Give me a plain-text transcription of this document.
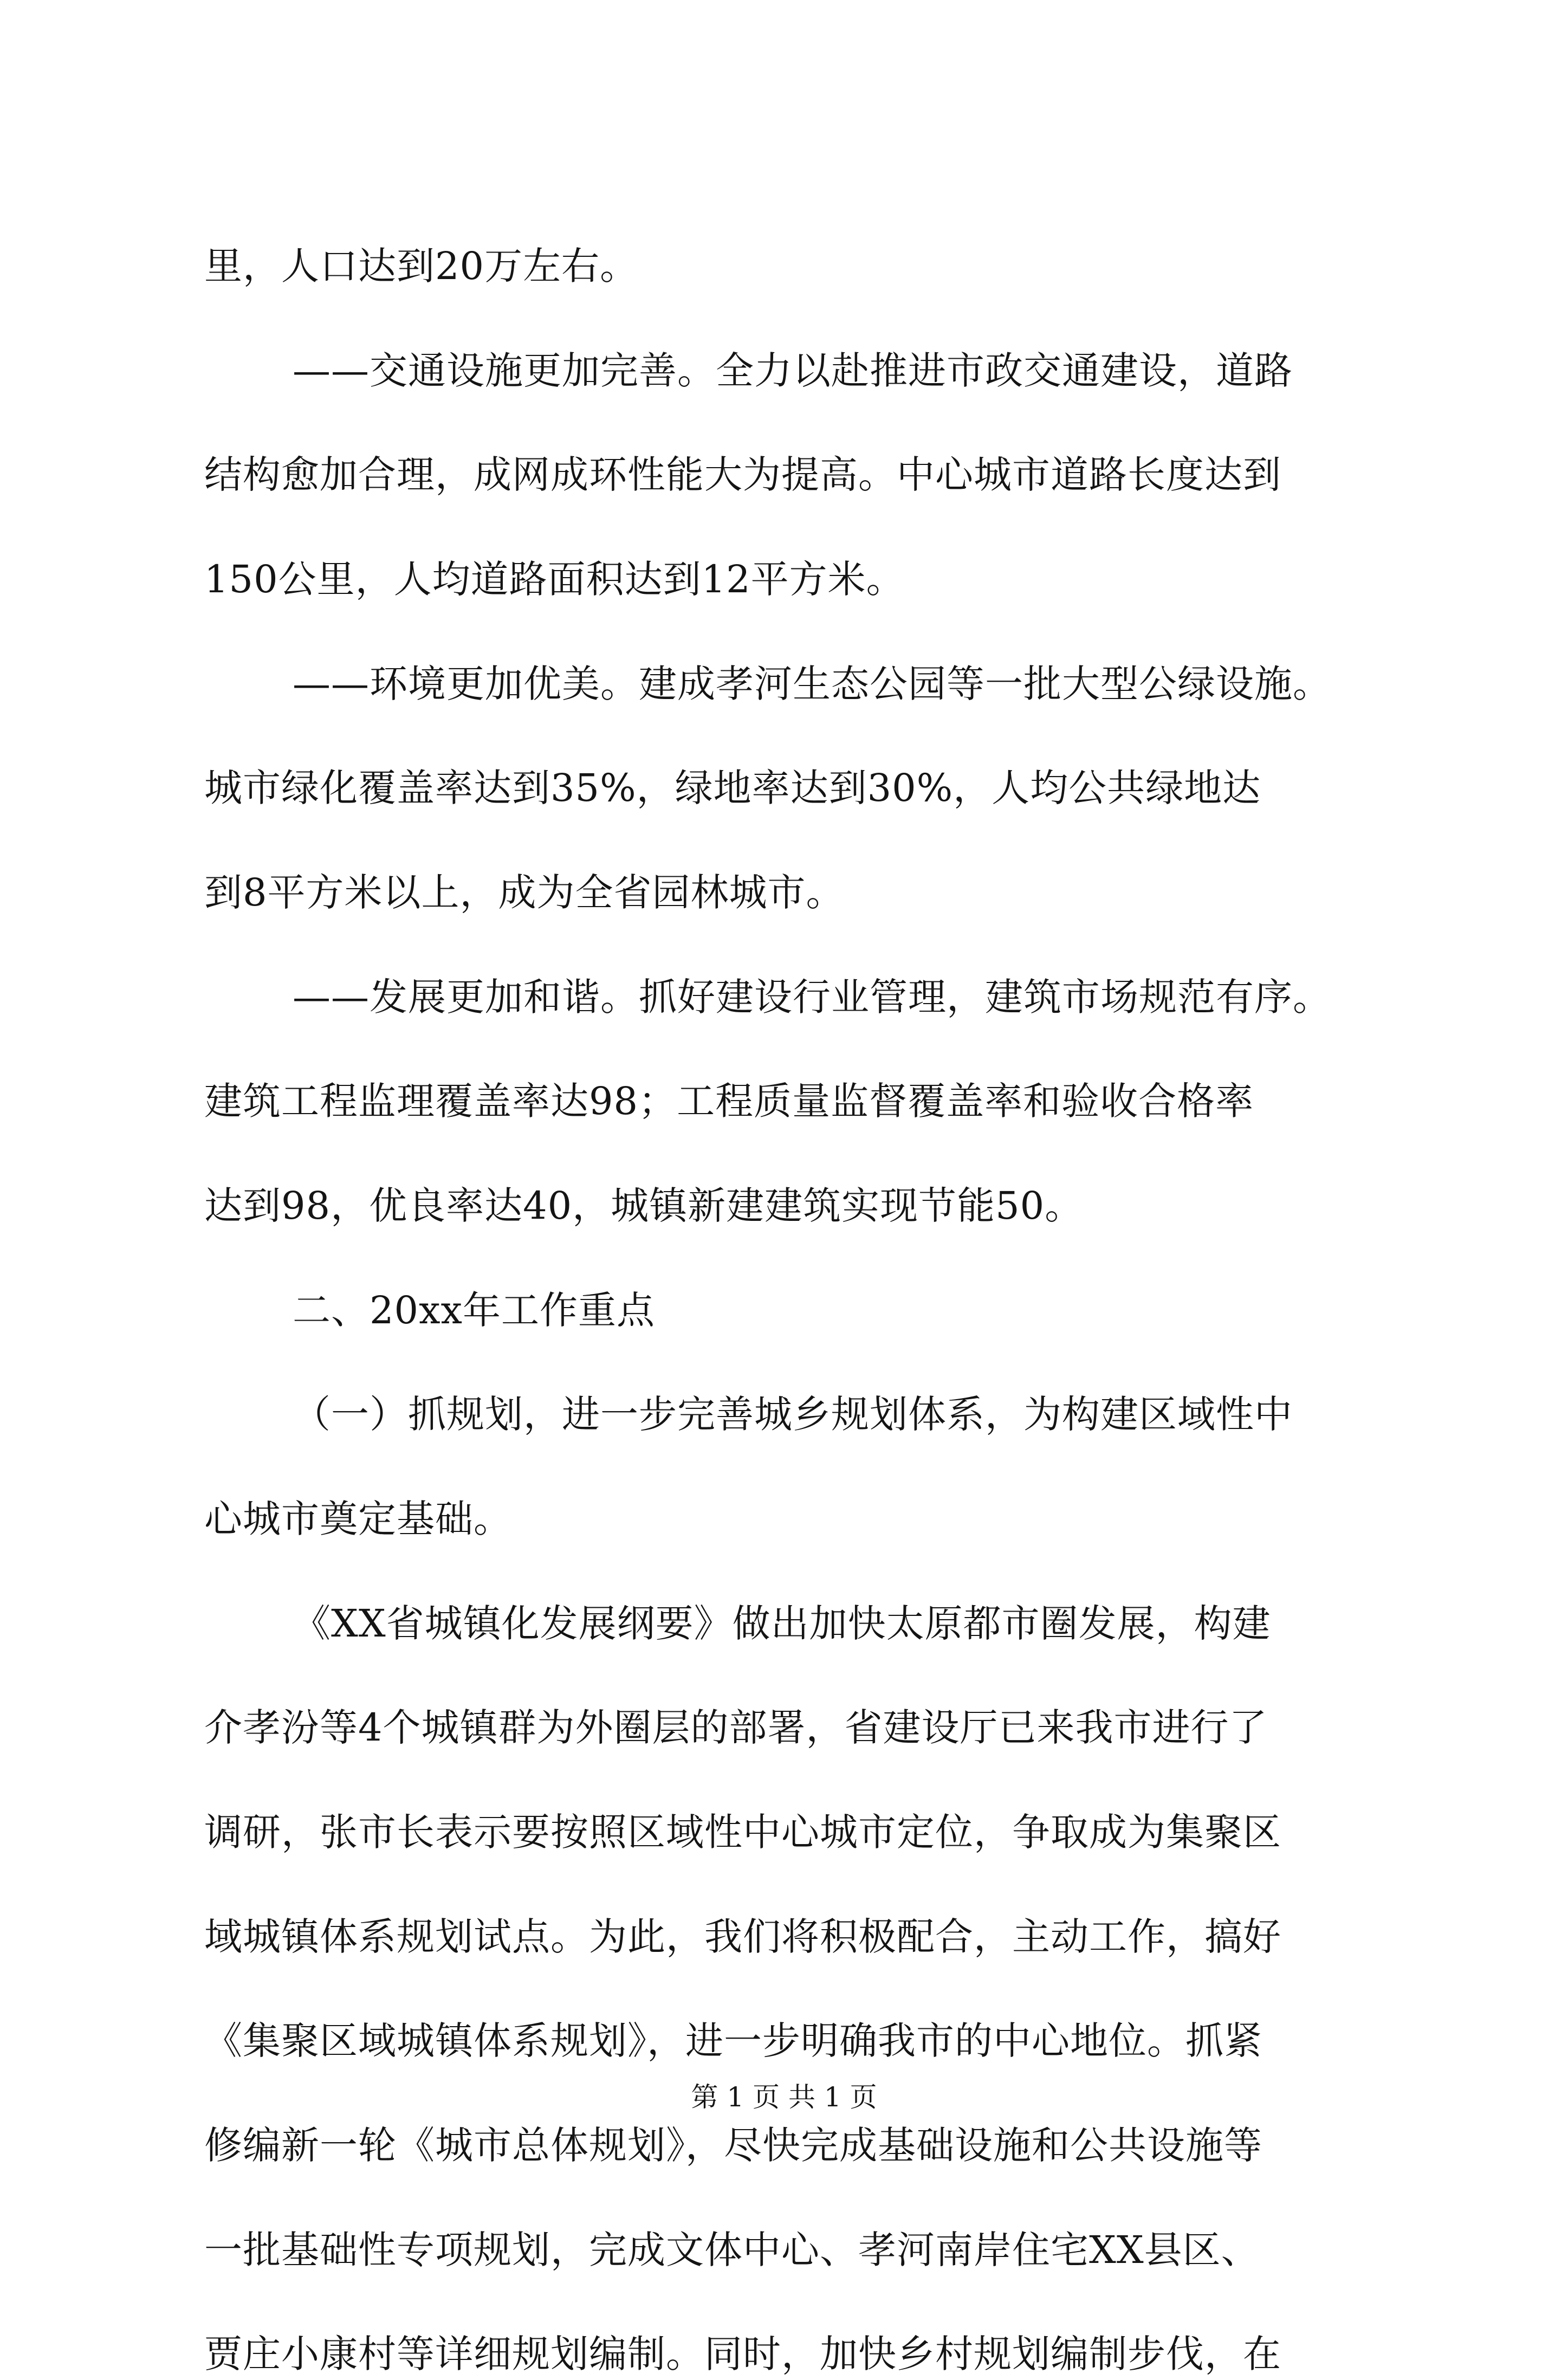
里，人口达到20万左右。
——交通设施更加完善。全力以赴推进市政交通建设，道路
结构愈加合理，成网成环性能大为提高。中心城市道路长度达到
150公里，人均道路面积达到12平方米。
——环境更加优美。建成孝河生态公园等一批大型公绿设施。
城市绿化覆盖率达到35%，绿地率达到30%，人均公共绿地达
到8平方米以上，成为全省园林城市。
——发展更加和谐。抓好建设行业管理，建筑市场规范有序。
建筑工程监理覆盖率达98；工程质量监督覆盖率和验收合格率
达到98，优良率达40，城镇新建建筑实现节能50。
二、20xx年工作重点
（一）抓规划，进一步完善城乡规划体系，为构建区域性中
心城市奠定基础。
《XX省城镇化发展纲要》做出加快太原都市圈发展，构建
介孝汾等4个城镇群为外圈层的部署，省建设厅已来我市进行了
调研，张市长表示要按照区域性中心城市定位，争取成为集聚区
域城镇体系规划试点。为此，我们将积极配合，主动工作，搞好
《集聚区域城镇体系规划》，进一步明确我市的中心地位。抓紧
修编新一轮《城市总体规划》，尽快完成基础设施和公共设施等
一批基础性专项规划，完成文体中心、孝河南岸住宅XX县区、
贾庄小康村等详细规划编制。同时，加快乡村规划编制步伐，在
第 1 页 共 1 页
